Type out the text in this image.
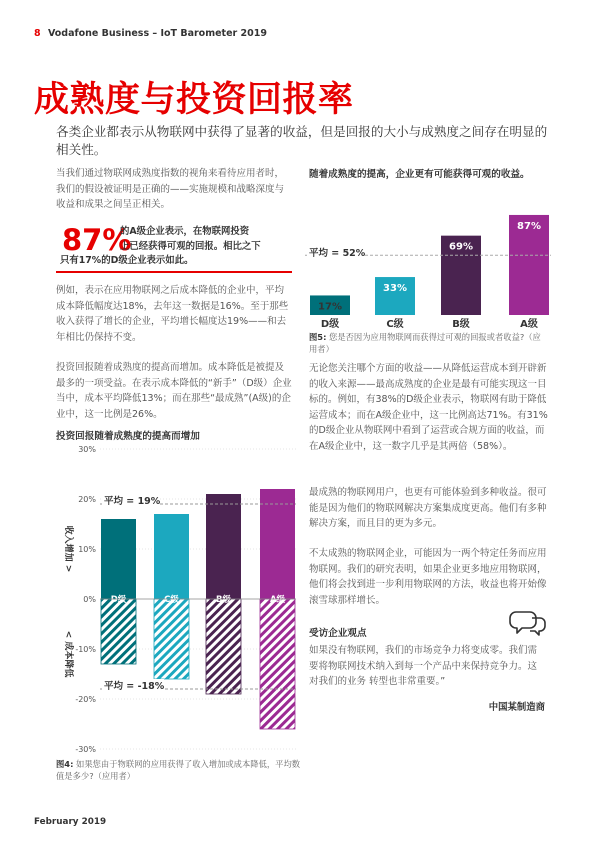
8 Vodafone Business – IoT Barometer 2019
成熟度与投资回报率
各类企业都表示从物联网中获得了显著的收益，但是回报的大小与成熟度之间存在明显的相关性。
当我们通过物联网成熟度指数的视角来看待应用者时，我们的假设被证明是正确的——实施规模和战略深度与收益和成果之间呈正相关。
87%
的A级企业表示，在物联网投资
上已经获得可观的回报。相比之下
只有17%的D级企业表示如此。
例如，表示在应用物联网之后成本降低的企业中，平均成本降低幅度达18%，去年这一数据是16%。至于那些收入获得了增长的企业，平均增长幅度达19%——和去年相比仍保持不变。
投资回报随着成熟度的提高而增加。成本降低是被提及最多的一项受益。在表示成本降低的“新手”（D级）企业当中，成本平均降低13%；而在那些“最成熟”(A级)的企业中，这一比例是26%。
投资回报随着成熟度的提高而增加
30%
20%
10%
0%
-10%
-20%
-30%
D级	C级	B级	A级
平均 = 19%
平均 = -18%
收入增加 >
< 成本降低
图4: 如果您由于物联网的应用获得了收入增加或成本降低，平均数值是多少?（应用者）
随着成熟度的提高，企业更有可能获得可观的收益。
17%
D级
33%
C级
69%
B级
87%
A级
平均 = 52%
图5: 您是否因为应用物联网而获得过可观的回报或者收益?（应用者）
无论您关注哪个方面的收益——从降低运营成本到开辟新的收入来源——最高成熟度的企业是最有可能实现这一目标的。例如，有38%的D级企业表示，物联网有助于降低运营成本；而在A级企业中，这一比例高达71%。有31%的D级企业从物联网中看到了运营或合规方面的收益，而在A级企业中，这一数字几乎是其两倍（58%）。
最成熟的物联网用户，也更有可能体验到多种收益。很可能是因为他们的物联网解决方案集成度更高。他们有多种解决方案，而且目的更为多元。
不太成熟的物联网企业，可能因为一两个特定任务而应用物联网。我们的研究表明，如果企业更多地应用物联网，他们将会找到进一步利用物联网的方法，收益也将开始像滚雪球那样增长。
受访企业观点
如果没有物联网，我们的市场竞争力将变成零。我们需要将物联网技术纳入到每一个产品中来保持竞争力。这对我们的业务 转型也非常重要。”
中国某制造商
February 2019
